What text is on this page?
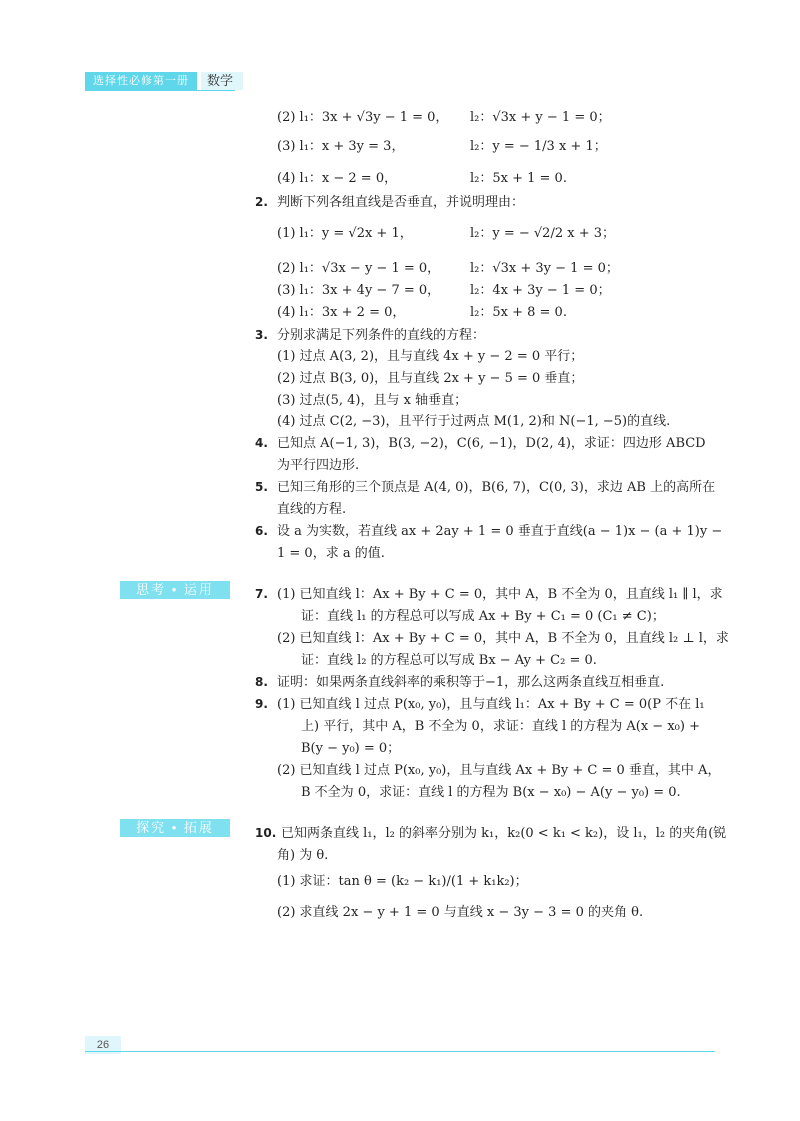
选择性必修第一册	数学
(2) l₁：3x + √3y − 1 = 0， l₂：√3x + y − 1 = 0；
(3) l₁：x + 3y = 3，	l₂：y = − 1/3 x + 1；
(4) l₁：x − 2 = 0，	l₂：5x + 1 = 0.
2. 判断下列各组直线是否垂直，并说明理由：
(1) l₁：y = √2x + 1，	l₂：y = − √2/2 x + 3；
(2) l₁：√3x − y − 1 = 0， l₂：√3x + 3y − 1 = 0；
(3) l₁：3x + 4y − 7 = 0， l₂：4x + 3y − 1 = 0；
(4) l₁：3x + 2 = 0，	l₂：5x + 8 = 0.
3. 分别求满足下列条件的直线的方程：
(1) 过点 A(3, 2)，且与直线 4x + y − 2 = 0 平行；
(2) 过点 B(3, 0)，且与直线 2x + y − 5 = 0 垂直；
(3) 过点(5, 4)，且与 x 轴垂直；
(4) 过点 C(2, −3)，且平行于过两点 M(1, 2)和 N(−1, −5)的直线.
4. 已知点 A(−1, 3)，B(3, −2)，C(6, −1)，D(2, 4)，求证：四边形 ABCD
为平行四边形.
5. 已知三角形的三个顶点是 A(4, 0)，B(6, 7)，C(0, 3)，求边 AB 上的高所在
直线的方程.
6. 设 a 为实数，若直线 ax + 2ay + 1 = 0 垂直于直线(a − 1)x − (a + 1)y −
1 = 0，求 a 的值.
7. (1) 已知直线 l：Ax + By + C = 0，其中 A，B 不全为 0，且直线 l₁ ∥ l，求
证：直线 l₁ 的方程总可以写成 Ax + By + C₁ = 0 (C₁ ≠ C)；
(2) 已知直线 l：Ax + By + C = 0，其中 A，B 不全为 0，且直线 l₂ ⊥ l，求
证：直线 l₂ 的方程总可以写成 Bx − Ay + C₂ = 0.
8. 证明：如果两条直线斜率的乘积等于−1，那么这两条直线互相垂直.
9. (1) 已知直线 l 过点 P(x₀, y₀)，且与直线 l₁：Ax + By + C = 0(P 不在 l₁
上) 平行，其中 A，B 不全为 0，求证：直线 l 的方程为 A(x − x₀) +
B(y − y₀) = 0；
(2) 已知直线 l 过点 P(x₀, y₀)，且与直线 Ax + By + C = 0 垂直，其中 A，
B 不全为 0，求证：直线 l 的方程为 B(x − x₀) − A(y − y₀) = 0.
10. 已知两条直线 l₁，l₂ 的斜率分别为 k₁，k₂(0 < k₁ < k₂)，设 l₁，l₂ 的夹角(锐
角) 为 θ.
(1) 求证：tan θ = (k₂ − k₁)/(1 + k₁k₂)；
(2) 求直线 2x − y + 1 = 0 与直线 x − 3y − 3 = 0 的夹角 θ.
思考 • 运用
探究 • 拓展
26
